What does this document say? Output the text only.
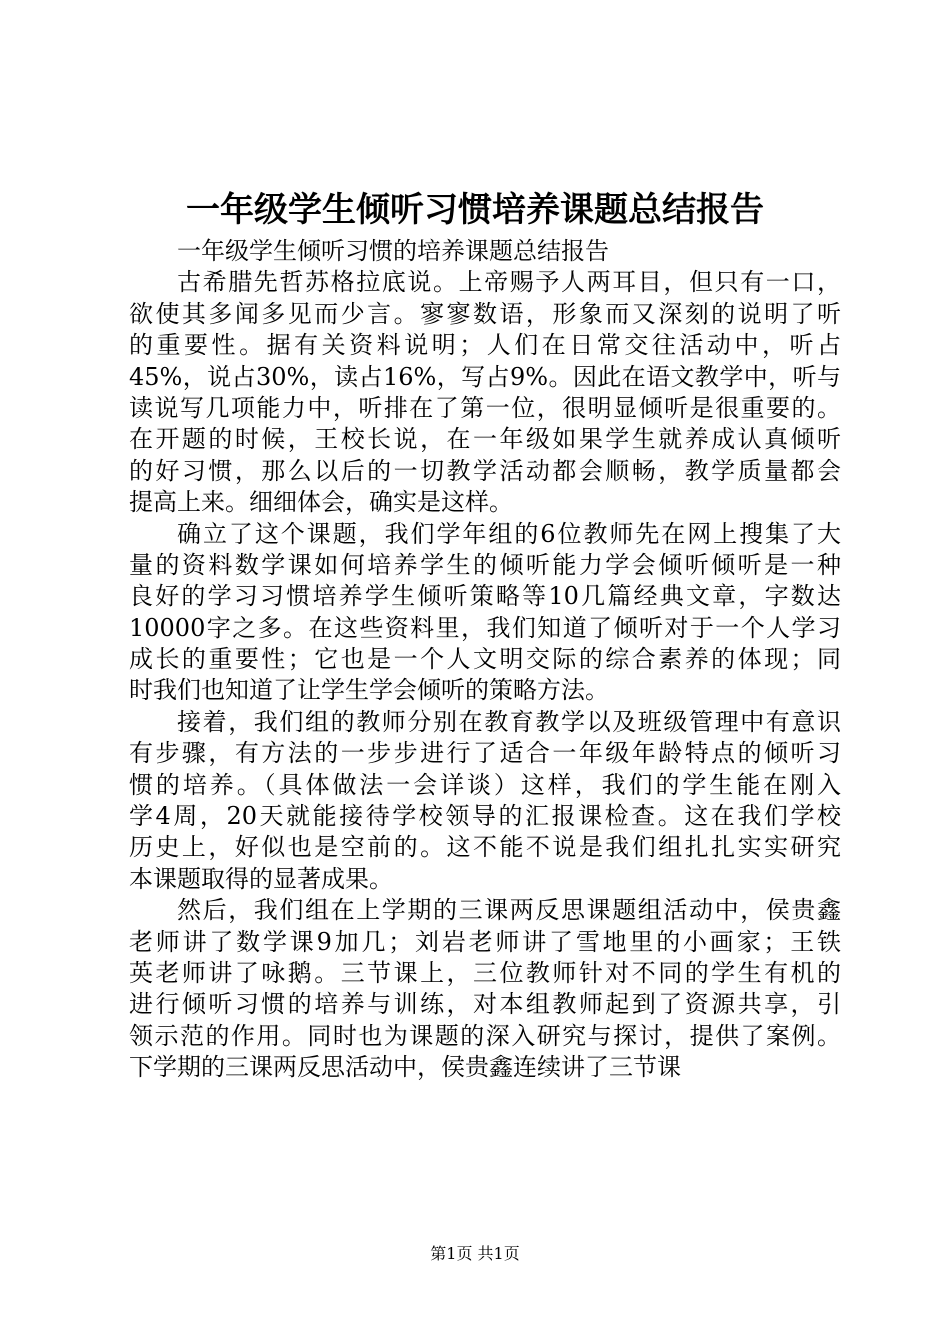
一年级学生倾听习惯培养课题总结报告
一年级学生倾听习惯的培养课题总结报告
古希腊先哲苏格拉底说。上帝赐予人两耳目，但只有一口，
欲使其多闻多见而少言。寥寥数语，形象而又深刻的说明了听
的重要性。据有关资料说明；人们在日常交往活动中，听占
45%，说占30%，读占16%，写占9%。因此在语文教学中，听与
读说写几项能力中，听排在了第一位，很明显倾听是很重要的。
在开题的时候，王校长说，在一年级如果学生就养成认真倾听
的好习惯，那么以后的一切教学活动都会顺畅，教学质量都会
提高上来。细细体会，确实是这样。
确立了这个课题，我们学年组的6位教师先在网上搜集了大
量的资料数学课如何培养学生的倾听能力学会倾听倾听是一种
良好的学习习惯培养学生倾听策略等10几篇经典文章，字数达
10000字之多。在这些资料里，我们知道了倾听对于一个人学习
成长的重要性；它也是一个人文明交际的综合素养的体现；同
时我们也知道了让学生学会倾听的策略方法。
接着，我们组的教师分别在教育教学以及班级管理中有意识
有步骤，有方法的一步步进行了适合一年级年龄特点的倾听习
惯的培养。（具体做法一会详谈）这样，我们的学生能在刚入
学4周，20天就能接待学校领导的汇报课检查。这在我们学校
历史上，好似也是空前的。这不能不说是我们组扎扎实实研究
本课题取得的显著成果。
然后，我们组在上学期的三课两反思课题组活动中，侯贵鑫
老师讲了数学课9加几；刘岩老师讲了雪地里的小画家；王铁
英老师讲了咏鹅。三节课上，三位教师针对不同的学生有机的
进行倾听习惯的培养与训练，对本组教师起到了资源共享，引
领示范的作用。同时也为课题的深入研究与探讨，提供了案例。
下学期的三课两反思活动中，侯贵鑫连续讲了三节课
第1页 共1页
